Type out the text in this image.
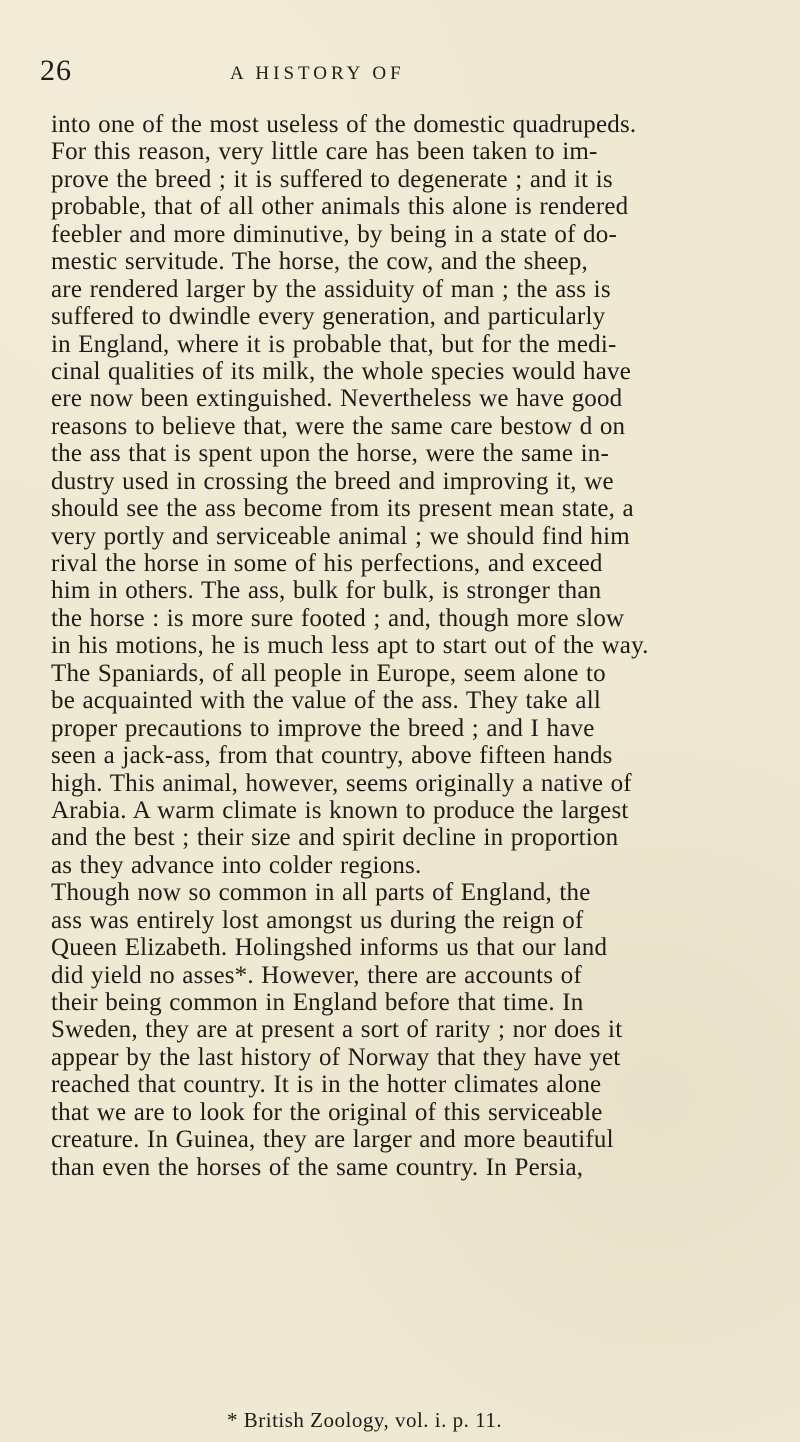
26	A HISTORY OF
into one of the most useless of the domestic quadrupeds.
For this reason, very little care has been taken to im-
prove the breed ; it is suffered to degenerate ; and it is
probable, that of all other animals this alone is rendered
feebler and more diminutive, by being in a state of do-
mestic servitude. The horse, the cow, and the sheep,
are rendered larger by the assiduity of man ; the ass is
suffered to dwindle every generation, and particularly
in England, where it is probable that, but for the medi-
cinal qualities of its milk, the whole species would have
ere now been extinguished. Nevertheless we have good
reasons to believe that, were the same care bestow d on
the ass that is spent upon the horse, were the same in-
dustry used in crossing the breed and improving it, we
should see the ass become from its present mean state, a
very portly and serviceable animal ; we should find him
rival the horse in some of his perfections, and exceed
him in others. The ass, bulk for bulk, is stronger than
the horse : is more sure footed ; and, though more slow
in his motions, he is much less apt to start out of the way.
The Spaniards, of all people in Europe, seem alone to
be acquainted with the value of the ass. They take all
proper precautions to improve the breed ; and I have
seen a jack-ass, from that country, above fifteen hands
high. This animal, however, seems originally a native of
Arabia. A warm climate is known to produce the largest
and the best ; their size and spirit decline in proportion
as they advance into colder regions.
Though now so common in all parts of England, the
ass was entirely lost amongst us during the reign of
Queen Elizabeth. Holingshed informs us that our land
did yield no asses*. However, there are accounts of
their being common in England before that time. In
Sweden, they are at present a sort of rarity ; nor does it
appear by the last history of Norway that they have yet
reached that country. It is in the hotter climates alone
that we are to look for the original of this serviceable
creature. In Guinea, they are larger and more beautiful
than even the horses of the same country. In Persia,
* British Zoology, vol. i. p. 11.
